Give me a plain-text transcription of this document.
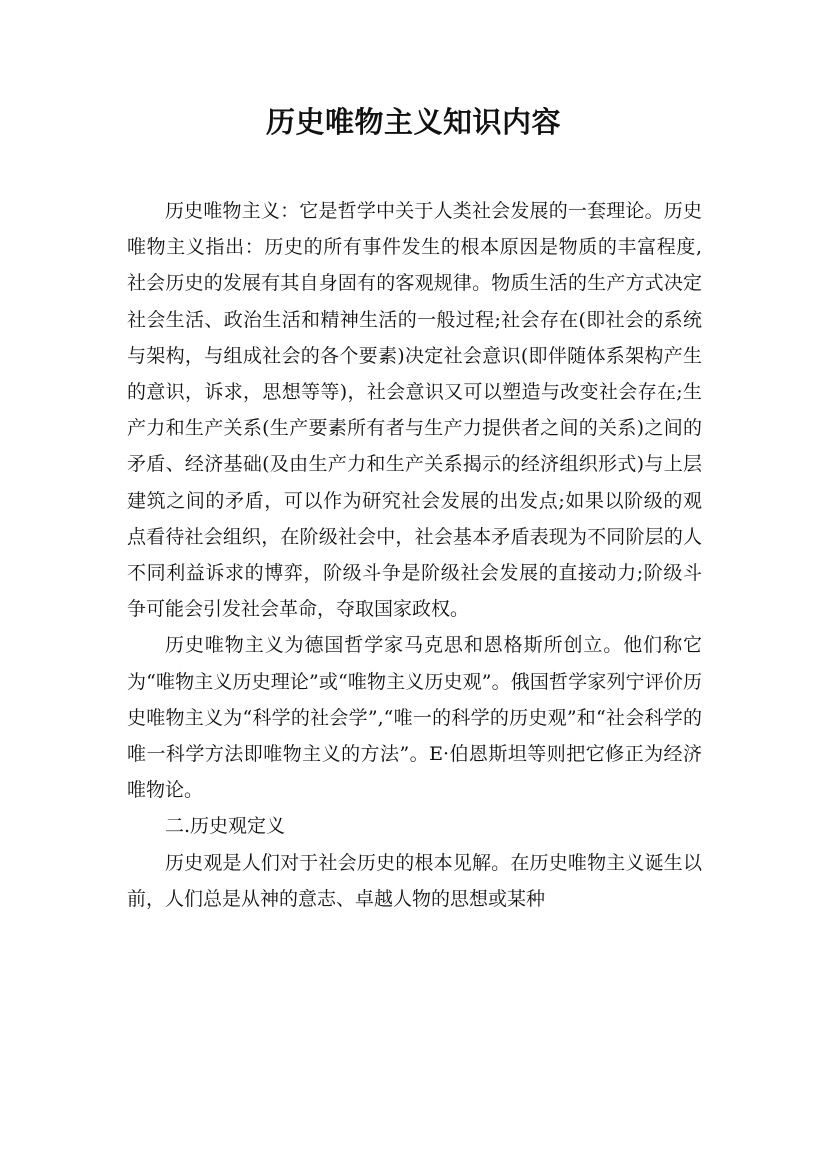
历史唯物主义知识内容

历史唯物主义：它是哲学中关于人类社会发展的一套理论。历史唯物主义指出：历史的所有事件发生的根本原因是物质的丰富程度,社会历史的发展有其自身固有的客观规律。物质生活的生产方式决定社会生活、政治生活和精神生活的一般过程;社会存在(即社会的系统与架构，与组成社会的各个要素)决定社会意识(即伴随体系架构产生的意识，诉求，思想等等)，社会意识又可以塑造与改变社会存在;生产力和生产关系(生产要素所有者与生产力提供者之间的关系)之间的矛盾、经济基础(及由生产力和生产关系揭示的经济组织形式)与上层建筑之间的矛盾，可以作为研究社会发展的出发点;如果以阶级的观点看待社会组织，在阶级社会中，社会基本矛盾表现为不同阶层的人不同利益诉求的博弈，阶级斗争是阶级社会发展的直接动力;阶级斗争可能会引发社会革命，夺取国家政权。

历史唯物主义为德国哲学家马克思和恩格斯所创立。他们称它为“唯物主义历史理论”或“唯物主义历史观”。俄国哲学家列宁评价历史唯物主义为“科学的社会学”,“唯一的科学的历史观”和“社会科学的唯一科学方法即唯物主义的方法”。E·伯恩斯坦等则把它修正为经济唯物论。

二.历史观定义

历史观是人们对于社会历史的根本见解。在历史唯物主义诞生以前，人们总是从神的意志、卓越人物的思想或某种
